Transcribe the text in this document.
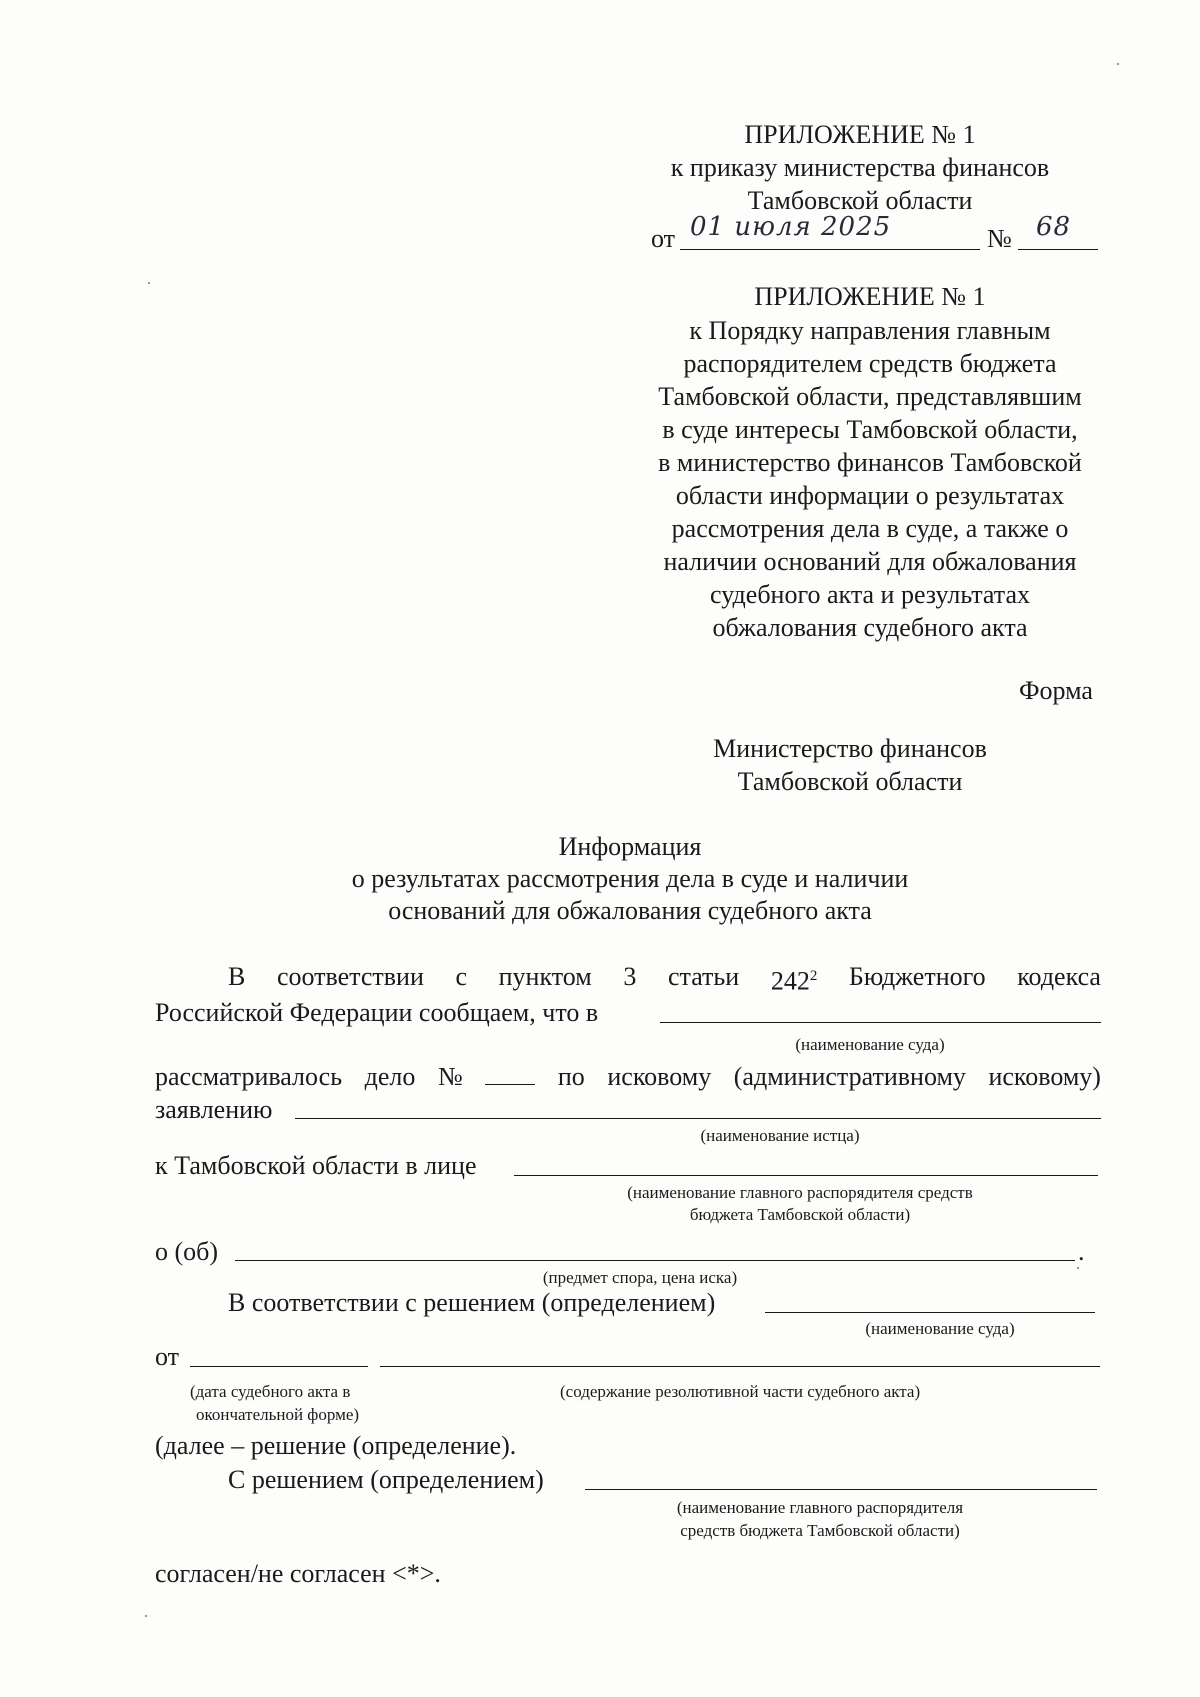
ПРИЛОЖЕНИЕ № 1
к приказу министерства финансов
Тамбовской области
от 01 июля 2025	№ 68
ПРИЛОЖЕНИЕ № 1
к Порядку направления главным
распорядителем средств бюджета
Тамбовской области, представлявшим
в суде интересы Тамбовской области,
в министерство финансов Тамбовской
области информации о результатах
рассмотрения дела в суде, а также о
наличии оснований для обжалования
судебного акта и результатах
обжалования судебного акта
Форма
Министерство финансов
Тамбовской области
Информация
о результатах рассмотрения дела в суде и наличии
оснований для обжалования судебного акта
В соответствии с пунктом 3 статьи $242^2$ Бюджетного кодекса
Российской Федерации сообщаем, что в
(наименование суда)
рассматривалось дело №	по исковому (административному исковому)
заявлению
(наименование истца)
к Тамбовской области в лице
(наименование главного распорядителя средств
бюджета Тамбовской области)
о (об)	.
(предмет спора, цена иска)
В соответствии с решением (определением)
(наименование суда)
от
(дата судебного акта в
окончательной форме)
(содержание резолютивной части судебного акта)
(далее – решение (определение).
С решением (определением)
(наименование главного распорядителя
средств бюджета Тамбовской области)
согласен/не согласен <*>.
